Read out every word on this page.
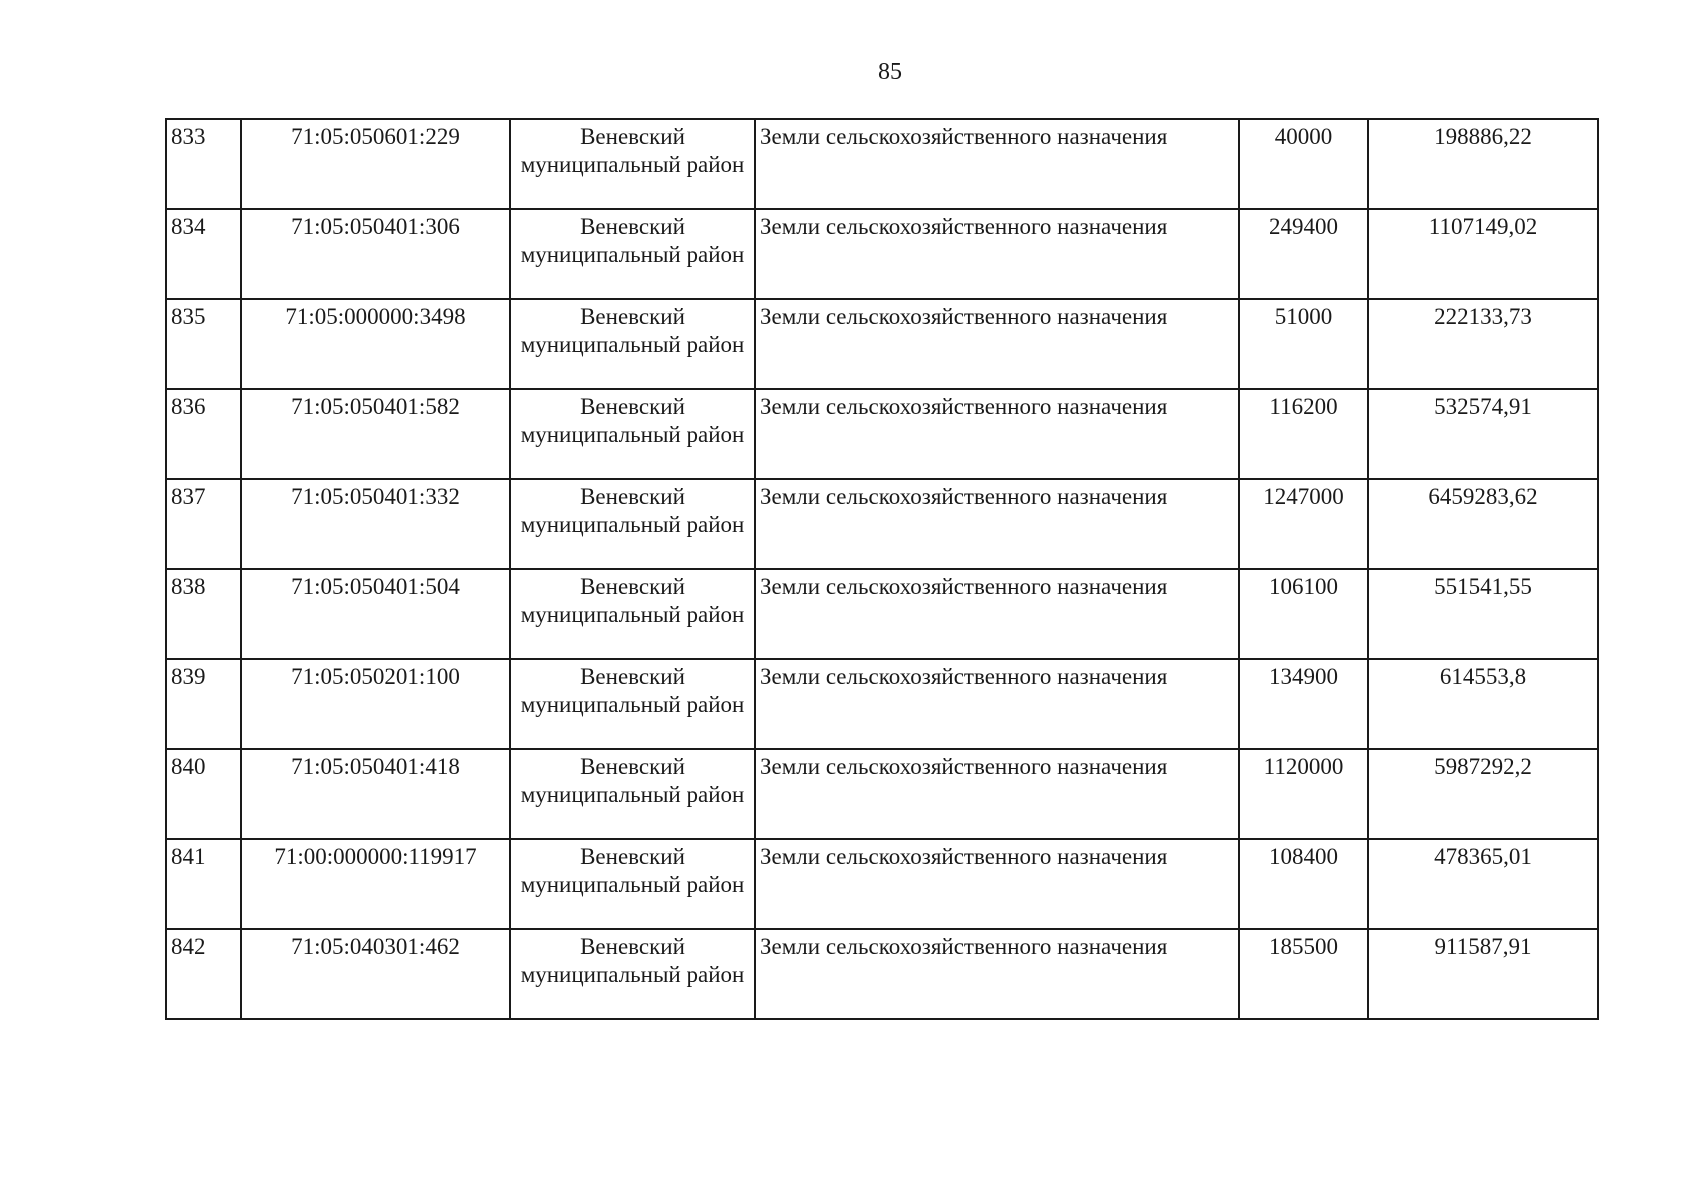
85
833	71:05:050601:229	Веневский муниципальный район	Земли сельскохозяйственного назначения	40000	198886,22
834	71:05:050401:306	Веневский муниципальный район	Земли сельскохозяйственного назначения	249400	1107149,02
835	71:05:000000:3498	Веневский муниципальный район	Земли сельскохозяйственного назначения	51000	222133,73
836	71:05:050401:582	Веневский муниципальный район	Земли сельскохозяйственного назначения	116200	532574,91
837	71:05:050401:332	Веневский муниципальный район	Земли сельскохозяйственного назначения	1247000	6459283,62
838	71:05:050401:504	Веневский муниципальный район	Земли сельскохозяйственного назначения	106100	551541,55
839	71:05:050201:100	Веневский муниципальный район	Земли сельскохозяйственного назначения	134900	614553,8
840	71:05:050401:418	Веневский муниципальный район	Земли сельскохозяйственного назначения	1120000	5987292,2
841	71:00:000000:119917	Веневский муниципальный район	Земли сельскохозяйственного назначения	108400	478365,01
842	71:05:040301:462	Веневский муниципальный район	Земли сельскохозяйственного назначения	185500	911587,91
